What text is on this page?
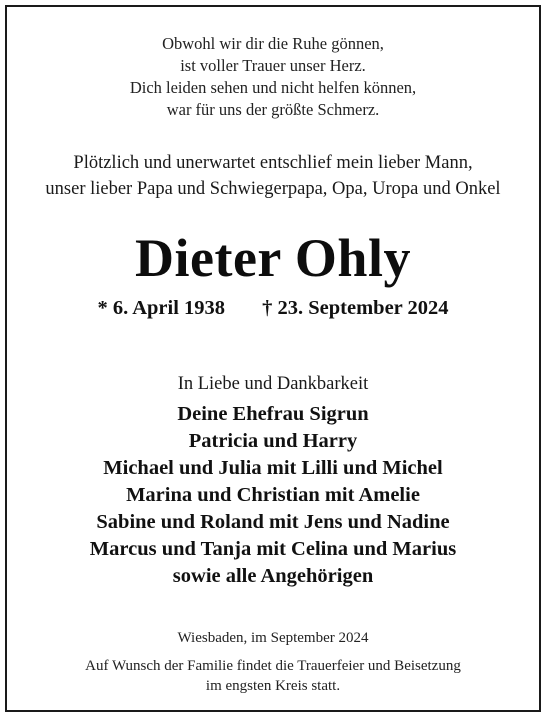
Obwohl wir dir die Ruhe gönnen,
ist voller Trauer unser Herz.
Dich leiden sehen und nicht helfen können,
war für uns der größte Schmerz.
Plötzlich und unerwartet entschlief mein lieber Mann,
unser lieber Papa und Schwiegerpapa, Opa, Uropa und Onkel
Dieter Ohly
* 6. April 1938 † 23. September 2024
In Liebe und Dankbarkeit
Deine Ehefrau Sigrun
Patricia und Harry
Michael und Julia mit Lilli und Michel
Marina und Christian mit Amelie
Sabine und Roland mit Jens und Nadine
Marcus und Tanja mit Celina und Marius
sowie alle Angehörigen
Wiesbaden, im September 2024
Auf Wunsch der Familie findet die Trauerfeier und Beisetzung
im engsten Kreis statt.
